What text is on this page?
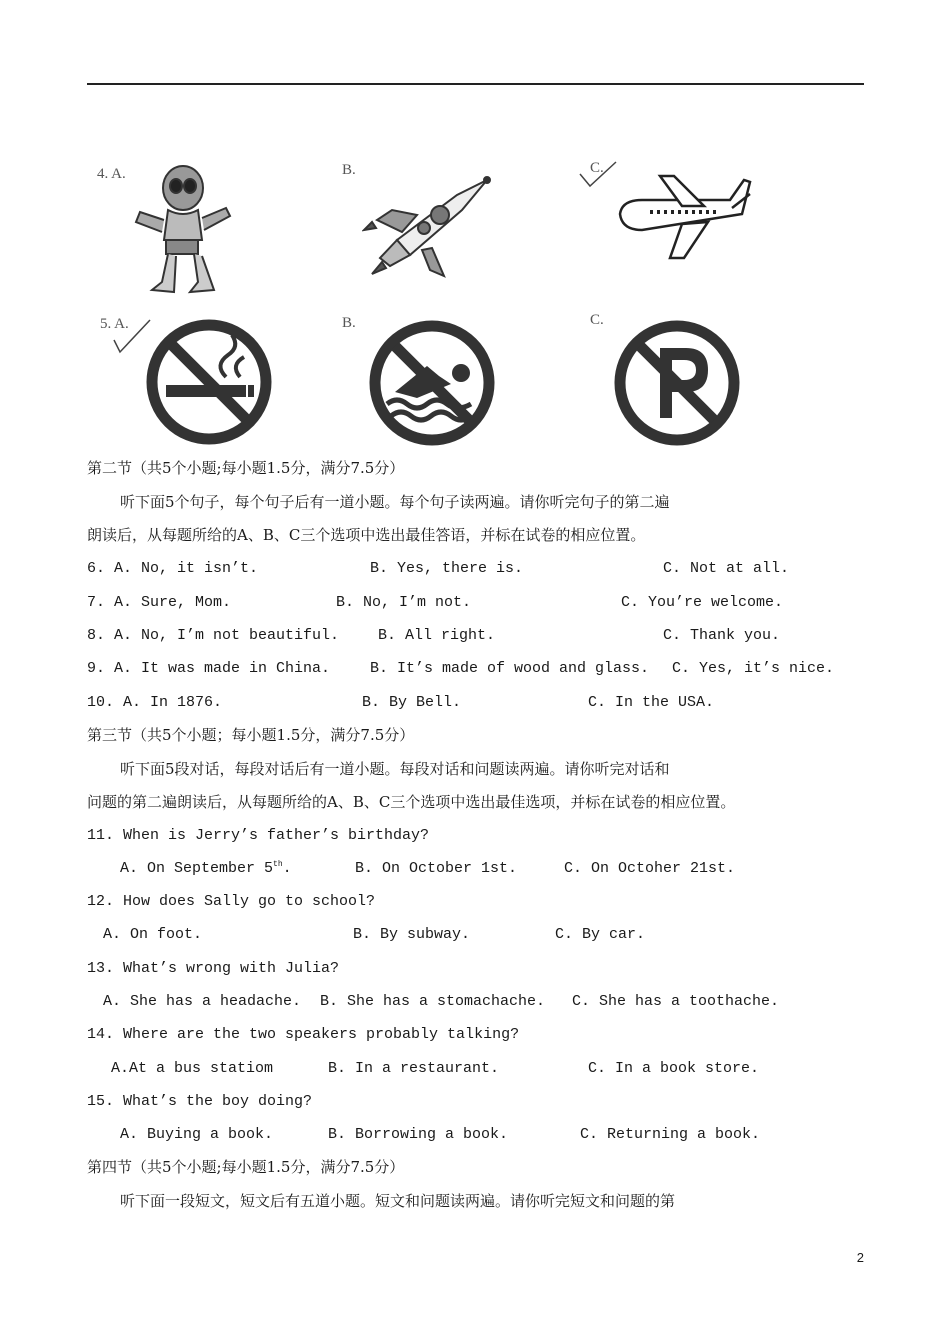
4. A.	B.	C.
5. A.	B.	C.
第二节（共5个小题;每小题1.5分，满分7.5分）
听下面5个句子，每个句子后有一道小题。每个句子读两遍。请你听完句子的第二遍
朗读后，从每题所给的A、B、C三个选项中选出最佳答语，并标在试卷的相应位置。
6. A. No, it isn’t.	B. Yes, there is.	C. Not at all.
7. A. Sure, Mom.	B. No, I’m not.	C. You’re welcome.
8. A. No, I’m not beautiful.	B. All right.	C. Thank you.
9. A. It was made in China.	B. It’s made of wood and glass. C. Yes, it’s nice.
10. A. In 1876.	B. By Bell.	C. In the USA.
第三节（共5个小题；每小题1.5分，满分7.5分）
听下面5段对话，每段对话后有一道小题。每段对话和问题读两遍。请你听完对话和
问题的第二遍朗读后，从每题所给的A、B、C三个选项中选出最佳选项，并标在试卷的相应位置。
11. When is Jerry’s father’s birthday?
A. On September 5th.	B. On October 1st.	C. On Octoher 21st.
12. How does Sally go to school?
A. On foot.	B. By subway.	C. By car.
13. What’s wrong with Julia?
A. She has a headache. B. She has a stomachache. C. She has a toothache.
14. Where are the two speakers probably talking?
A.At a bus statiom	B. In a restaurant.	C. In a book store.
15. What’s the boy doing?
A. Buying a book.	B. Borrowing a book.	C. Returning a book.
第四节（共5个小题;每小题1.5分，满分7.5分）
听下面一段短文，短文后有五道小题。短文和问题读两遍。请你听完短文和问题的第
2
